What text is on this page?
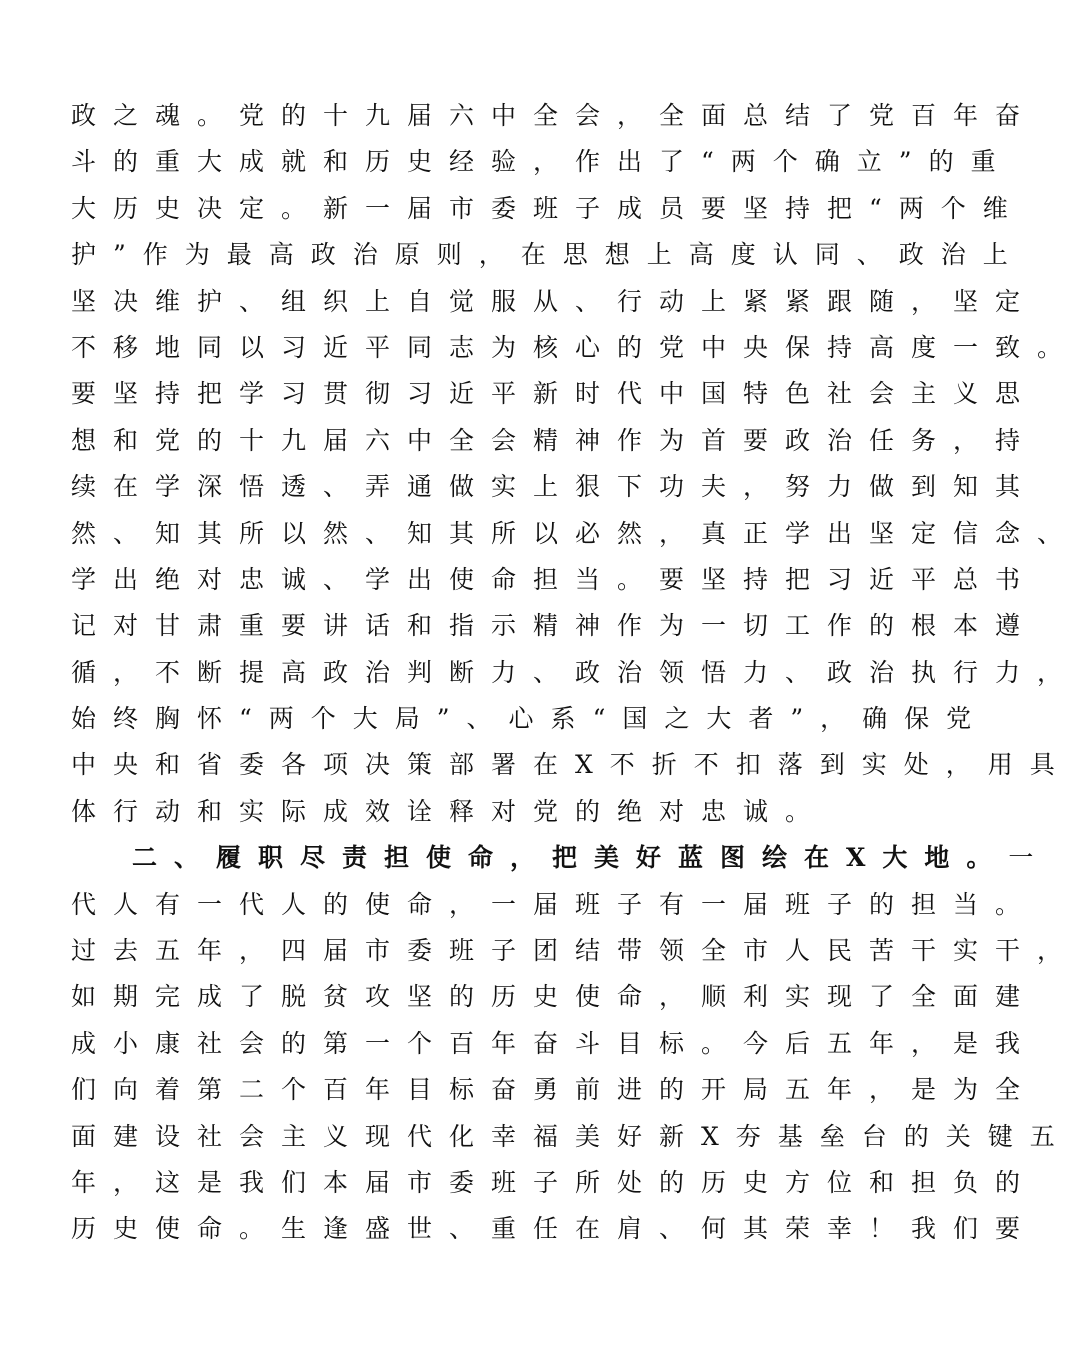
政之魂。党的十九届六中全会，全面总结了党百年奋
斗的重大成就和历史经验，作出了“两个确立”的重
大历史决定。新一届市委班子成员要坚持把“两个维
护”作为最高政治原则，在思想上高度认同、政治上
坚决维护、组织上自觉服从、行动上紧紧跟随，坚定
不移地同以习近平同志为核心的党中央保持高度一致。
要坚持把学习贯彻习近平新时代中国特色社会主义思
想和党的十九届六中全会精神作为首要政治任务，持
续在学深悟透、弄通做实上狠下功夫，努力做到知其
然、知其所以然、知其所以必然，真正学出坚定信念、
学出绝对忠诚、学出使命担当。要坚持把习近平总书
记对甘肃重要讲话和指示精神作为一切工作的根本遵
循，不断提高政治判断力、政治领悟力、政治执行力，
始终胸怀“两个大局”、心系“国之大者”，确保党
中央和省委各项决策部署在X不折不扣落到实处，用具
体行动和实际成效诠释对党的绝对忠诚。
二、履职尽责担使命，把美好蓝图绘在X大地。一
代人有一代人的使命，一届班子有一届班子的担当。
过去五年，四届市委班子团结带领全市人民苦干实干，
如期完成了脱贫攻坚的历史使命，顺利实现了全面建
成小康社会的第一个百年奋斗目标。今后五年，是我
们向着第二个百年目标奋勇前进的开局五年，是为全
面建设社会主义现代化幸福美好新X夯基垒台的关键五
年，这是我们本届市委班子所处的历史方位和担负的
历史使命。生逢盛世、重任在肩、何其荣幸！我们要
